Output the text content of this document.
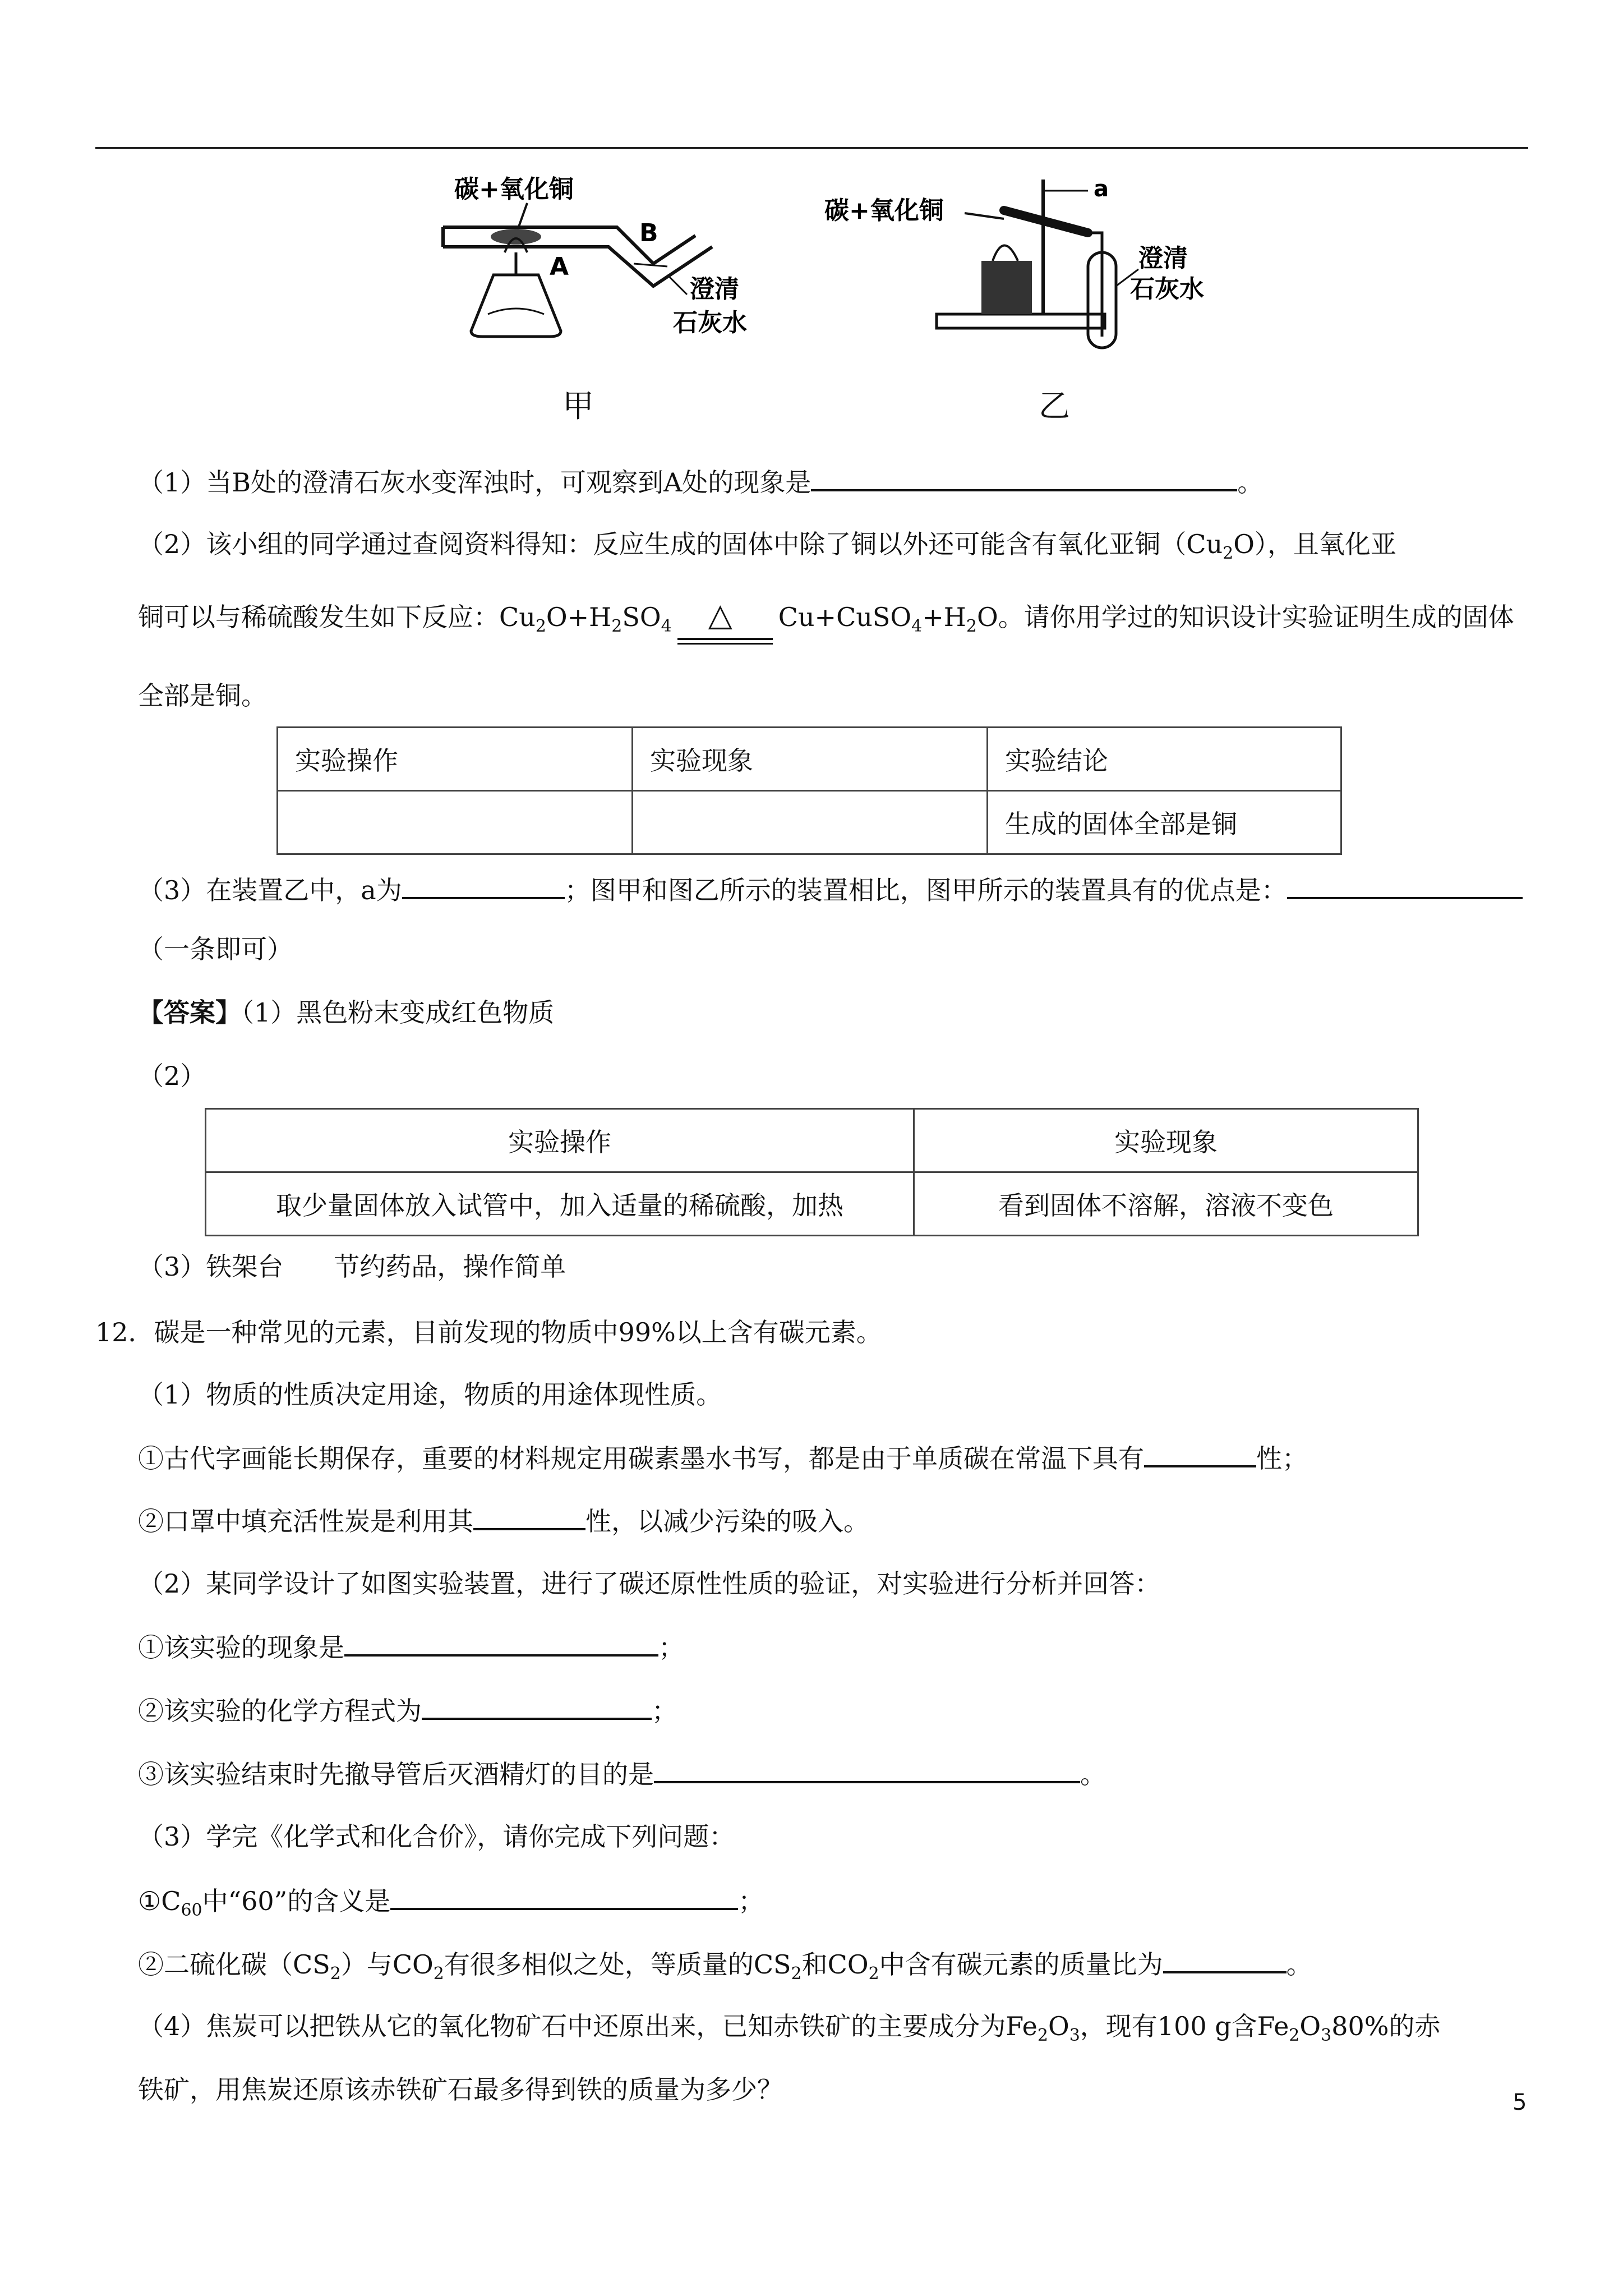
碳+氧化铜
A
B
澄清
石灰水
甲
碳+氧化铜
a
澄清
石灰水
乙
（1）当B处的澄清石灰水变浑浊时，可观察到A处的现象是	。
（2）该小组的同学通过查阅资料得知：反应生成的固体中除了铜以外还可能含有氧化亚铜$(Cu_2O)$，且氧化亚
铜可以与稀硫酸发生如下反应：$Cu_2O+H_2SO_4$ △ $Cu+CuSO_4+H_2O$。请你用学过的知识设计实验证明生成的固体
全部是铜。
实验操作	实验现象	实验结论
		生成的固体全部是铜
（3）在装置乙中，a为	；图甲和图乙所示的装置相比，图甲所示的装置具有的优点是：
（一条即可）
【答案】（1）黑色粉末变成红色物质
（2）
实验操作	实验现象
取少量固体放入试管中，加入适量的稀硫酸，加热	看到固体不溶解，溶液不变色
（3）铁架台 节约药品，操作简单
12．碳是一种常见的元素，目前发现的物质中99%以上含有碳元素。
（1）物质的性质决定用途，物质的用途体现性质。
①古代字画能长期保存，重要的材料规定用碳素墨水书写，都是由于单质碳在常温下具有	性；
②口罩中填充活性炭是利用其	性，以减少污染的吸入。
（2）某同学设计了如图实验装置，进行了碳还原性性质的验证，对实验进行分析并回答：
①该实验的现象是	；
②该实验的化学方程式为	；
③该实验结束时先撤导管后灭酒精灯的目的是	。
（3）学完《化学式和化合价》，请你完成下列问题：
$①C_{60}$中“60”的含义是	；
②二硫化碳$(CS_2)$与$CO_2$有很多相似之处，等质量的$CS_2$和$CO_2$中含有碳元素的质量比为	。
（4）焦炭可以把铁从它的氧化物矿石中还原出来，已知赤铁矿的主要成分为$Fe_2O_3$，现有100 g含$Fe_2O_380\%$的赤
铁矿，用焦炭还原该赤铁矿石最多得到铁的质量为多少？	5
